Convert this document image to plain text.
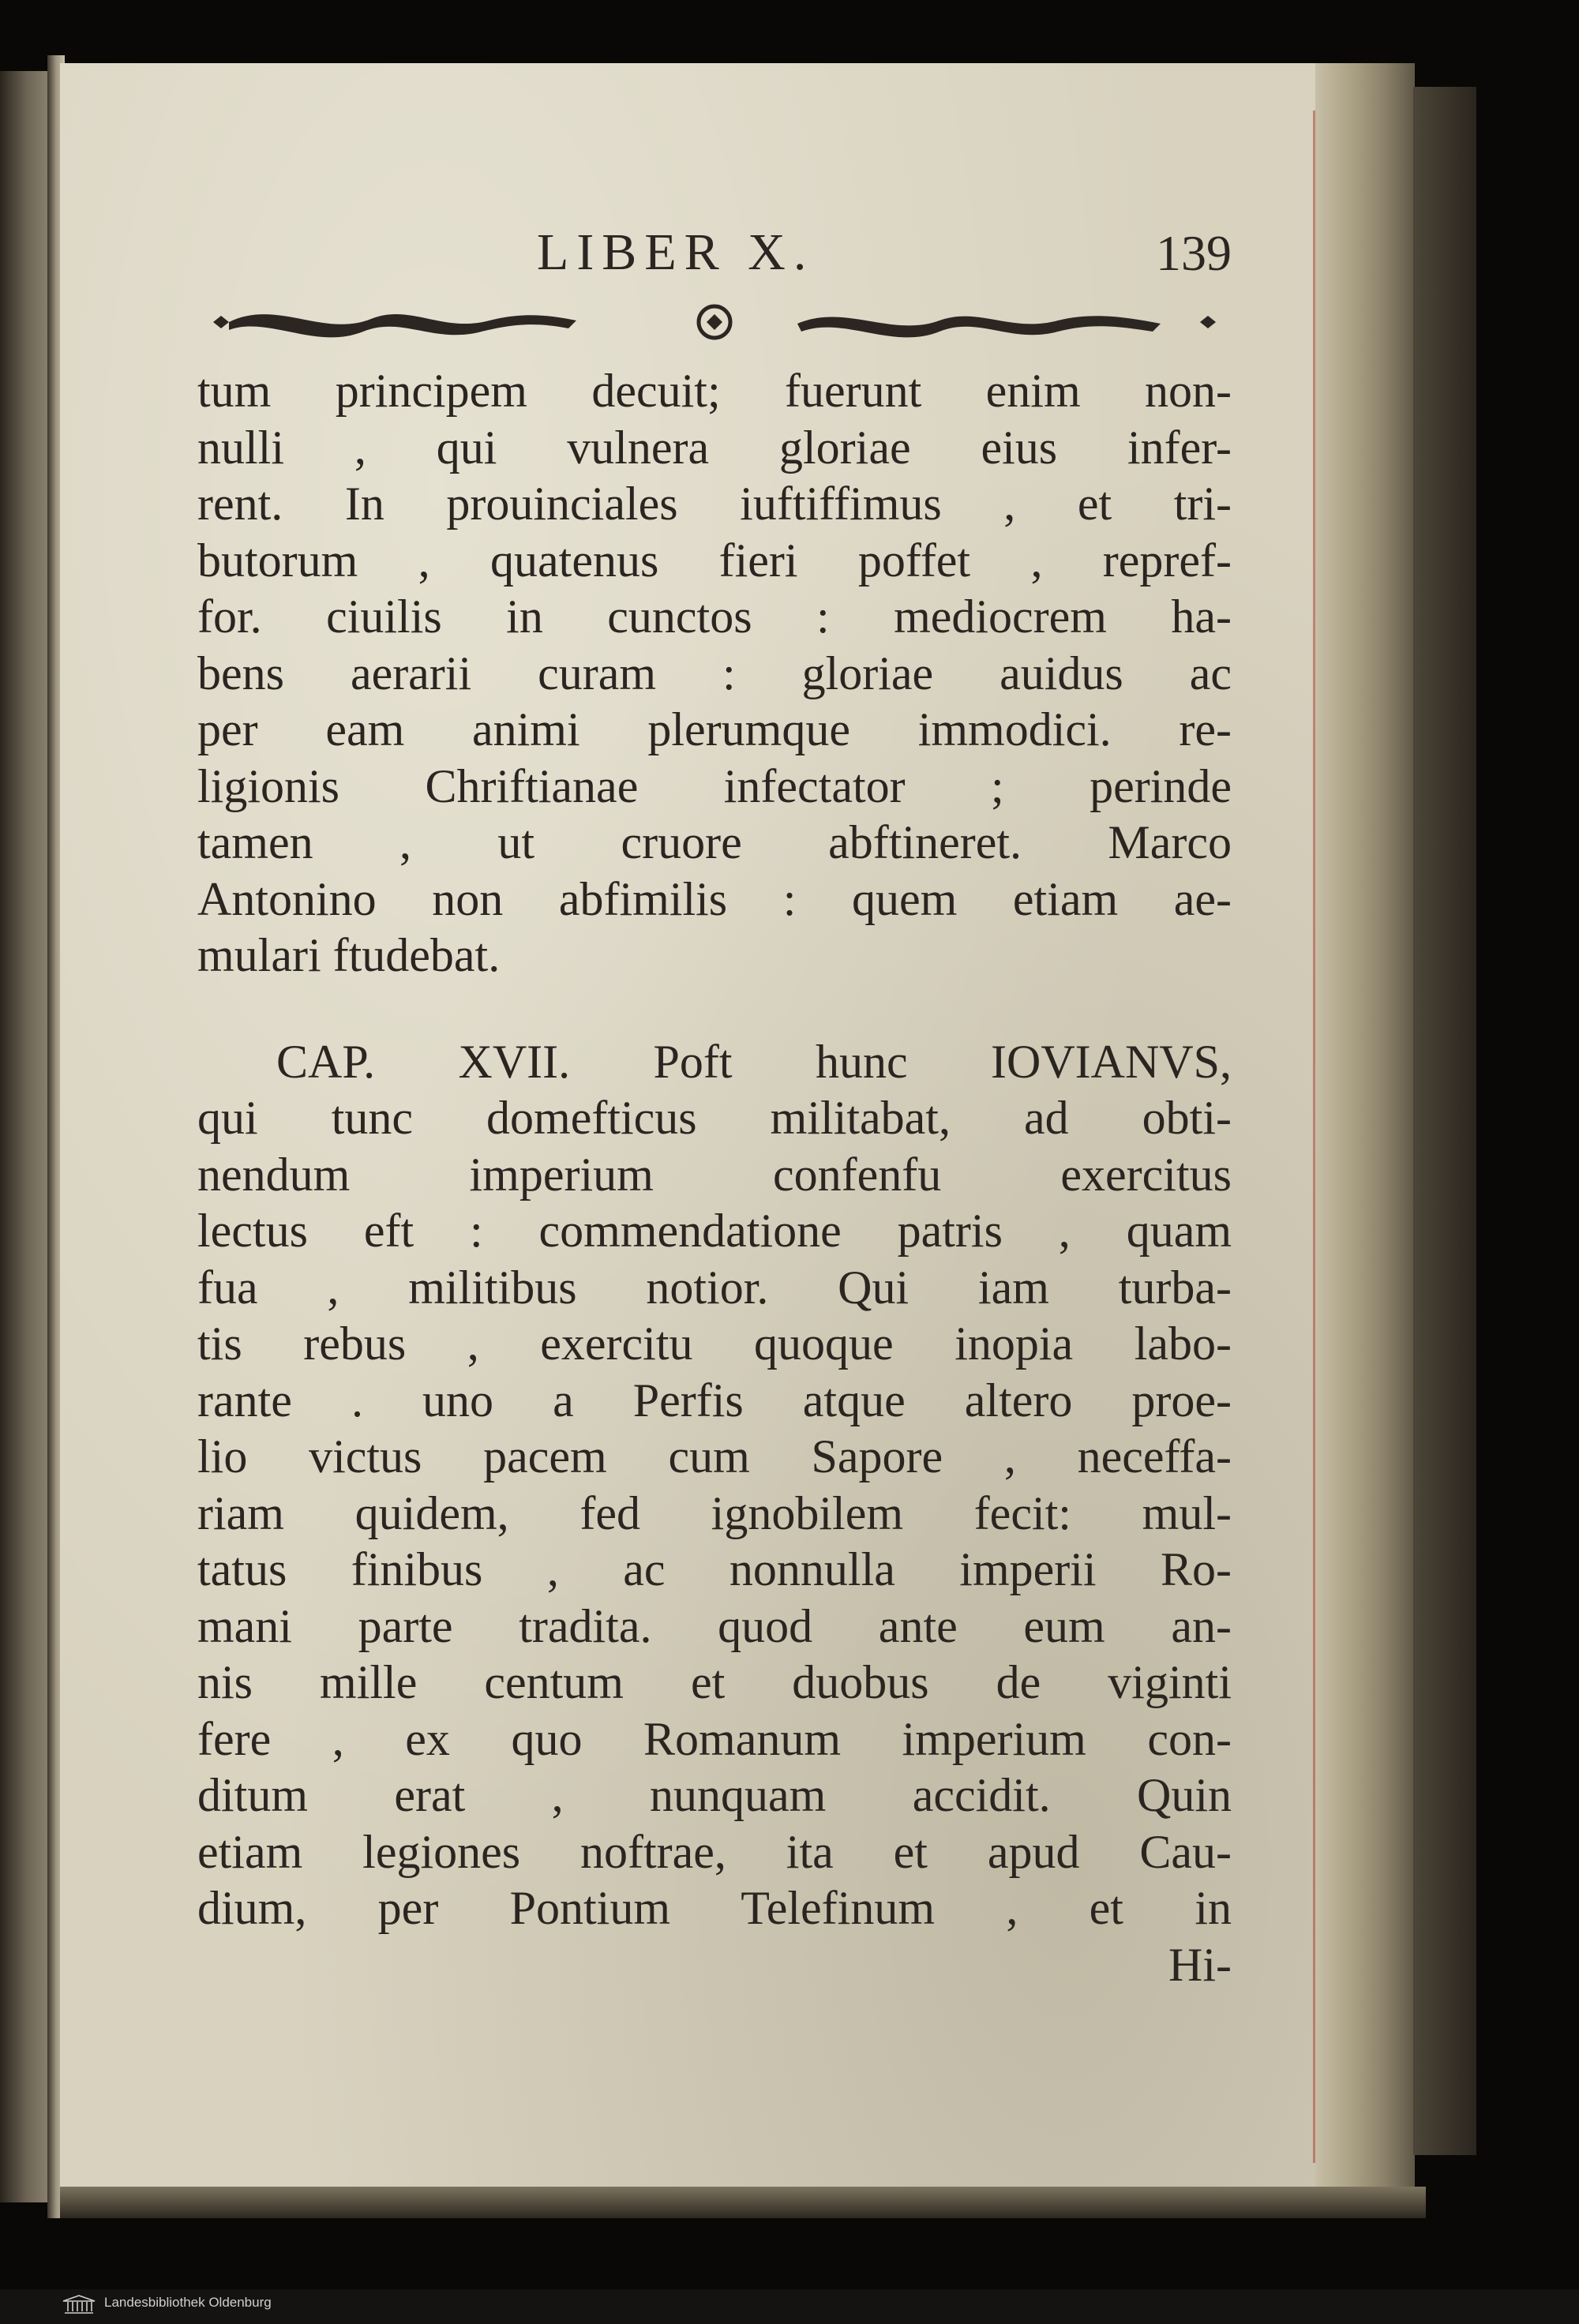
LIBER X.	139
tum principem decuit; fuerunt enim non-
nulli , qui vulnera gloriae eius infer-
rent. In prouinciales iuftiffimus , et tri-
butorum , quatenus fieri poffet , repref-
for. ciuilis in cunctos : mediocrem ha-
bens aerarii curam : gloriae auidus ac
per eam animi plerumque immodici. re-
ligionis Chriftianae infectator ; perinde
tamen , ut cruore abftineret. Marco
Antonino non abfimilis : quem etiam ae-
mulari ftudebat.
CAP. XVII. Poft hunc IOVIANVS,
qui tunc domefticus militabat, ad obti-
nendum imperium confenfu exercitus
lectus eft : commendatione patris , quam
fua , militibus notior. Qui iam turba-
tis rebus , exercitu quoque inopia labo-
rante . uno a Perfis atque altero proe-
lio victus pacem cum Sapore , neceffa-
riam quidem, fed ignobilem fecit: mul-
tatus finibus , ac nonnulla imperii Ro-
mani parte tradita. quod ante eum an-
nis mille centum et duobus de viginti
fere , ex quo Romanum imperium con-
ditum erat , nunquam accidit. Quin
etiam legiones noftrae, ita et apud Cau-
dium, per Pontium Telefinum , et in
Hi-
Landesbibliothek Oldenburg
